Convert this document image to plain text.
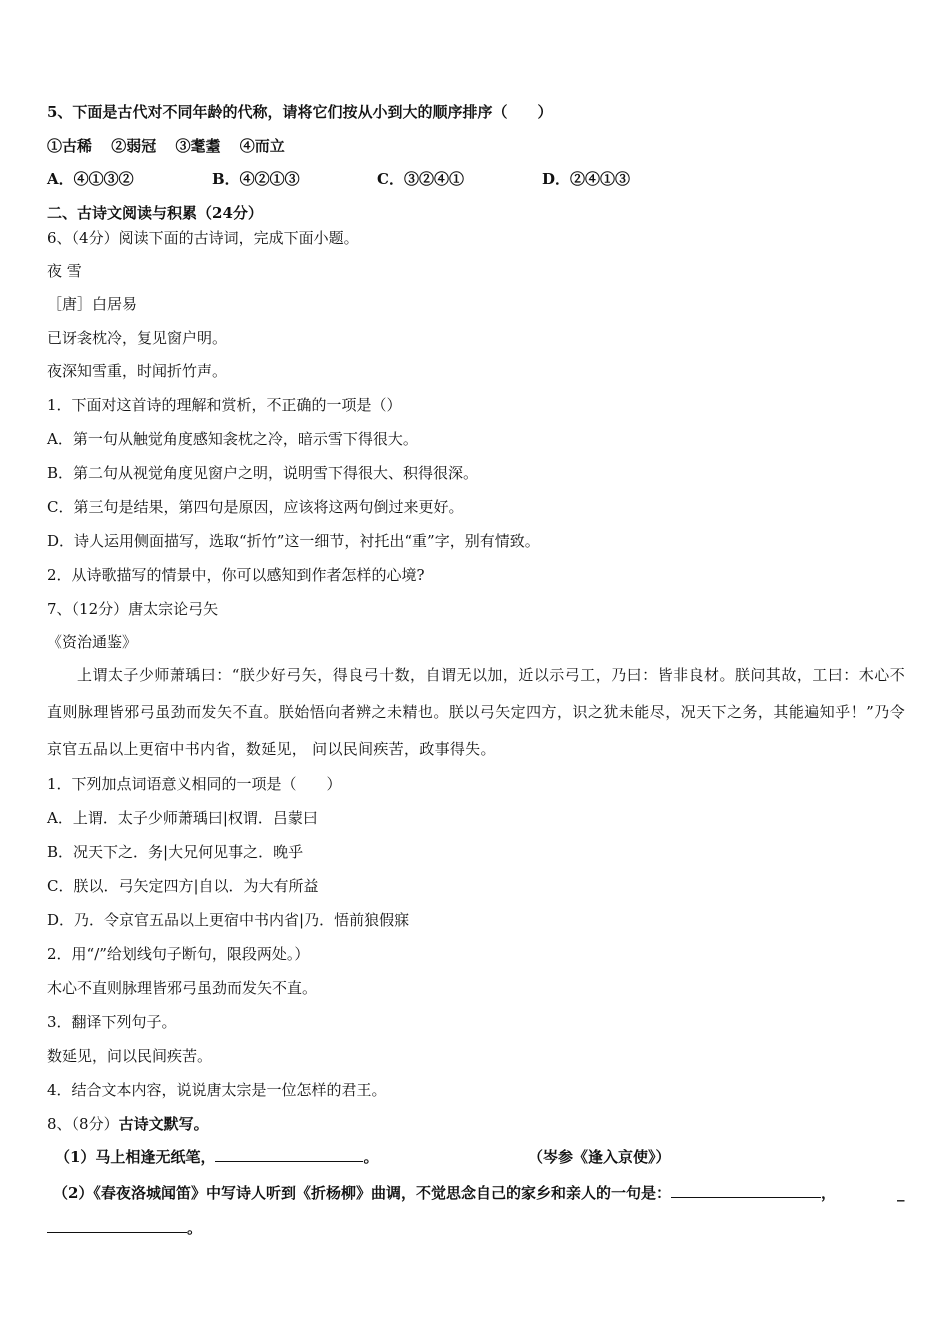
5、下面是古代对不同年龄的代称，请将它们按从小到大的顺序排序（　　）
①古稀 ②弱冠 ③耄耋 ④而立
A．④①③②	B．④②①③	C．③②④①	D．②④①③
二、古诗文阅读与积累（24分）
6、（4分）阅读下面的古诗词，完成下面小题。
夜 雪
［唐］白居易
已讶衾枕冷，复见窗户明。
夜深知雪重，时闻折竹声。
1．下面对这首诗的理解和赏析，不正确的一项是（）
A．第一句从触觉角度感知衾枕之冷，暗示雪下得很大。
B．第二句从视觉角度见窗户之明，说明雪下得很大、积得很深。
C．第三句是结果，第四句是原因，应该将这两句倒过来更好。
D．诗人运用侧面描写，选取“折竹”这一细节，衬托出“重”字，别有情致。
2．从诗歌描写的情景中，你可以感知到作者怎样的心境?
7、（12分）唐太宗论弓矢
《资治通鉴》
上谓太子少师萧瑀曰：“朕少好弓矢，得良弓十数，自谓无以加，近以示弓工，乃曰：皆非良材。朕问其故，工曰：木心不直则脉理皆邪弓虽劲而发矢不直。朕始悟向者辨之未精也。朕以弓矢定四方，识之犹未能尽，况天下之务，其能遍知乎！”乃令京官五品以上更宿中书内省，数延见， 问以民间疾苦，政事得失。
1．下列加点词语意义相同的一项是（　　）
A．上谓．太子少师萧瑀曰|权谓．吕蒙曰
B．况天下之．务|大兄何见事之．晚乎
C．朕以．弓矢定四方|自以．为大有所益
D．乃．令京官五品以上更宿中书内省|乃．悟前狼假寐
2．用“/”给划线句子断句，限段两处。）
木心不直则脉理皆邪弓虽劲而发矢不直。
3．翻译下列句子。
数延见，问以民间疾苦。
4．结合文本内容，说说唐太宗是一位怎样的君王。
8、（8分）古诗文默写。
（1）马上相逢无纸笔，	。	（岑参《逢入京使》）
（2）《春夜洛城闻笛》中写诗人听到《折杨柳》曲调，不觉思念自己的家乡和亲人的一句是：	，	_
。
